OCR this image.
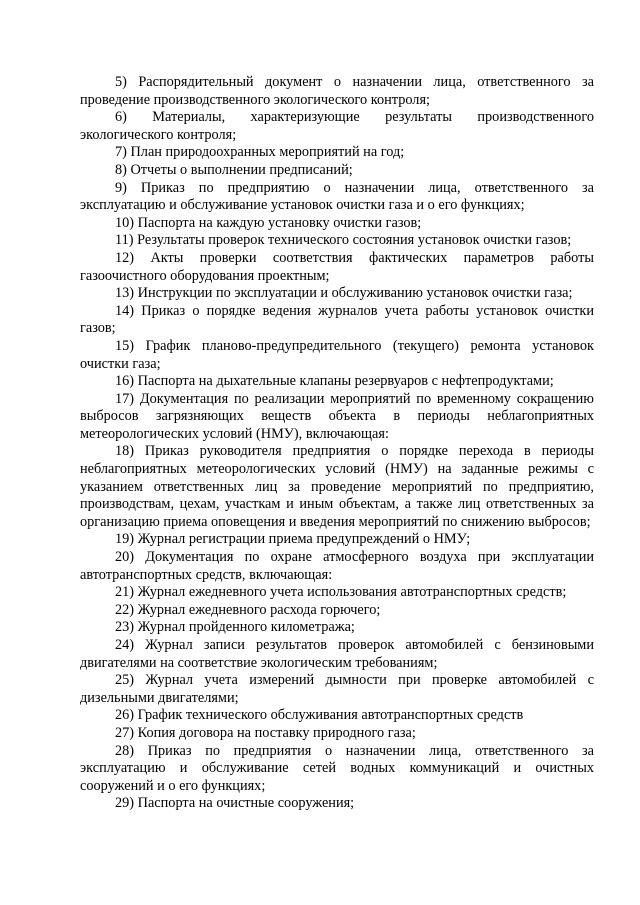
5) Распорядительный документ о назначении лица, ответственного за проведение производственного экологического контроля;

6) Материалы, характеризующие результаты производственного экологического контроля;

7) План природоохранных мероприятий на год;

8) Отчеты о выполнении предписаний;

9) Приказ по предприятию о назначении лица, ответственного за эксплуатацию и обслуживание установок очистки газа и о его функциях;

10) Паспорта на каждую установку очистки газов;

11) Результаты проверок технического состояния установок очистки газов;

12) Акты проверки соответствия фактических параметров работы газоочистного оборудования проектным;

13) Инструкции по эксплуатации и обслуживанию установок очистки газа;

14) Приказ о порядке ведения журналов учета работы установок очистки газов;

15) График планово-предупредительного (текущего) ремонта установок очистки газа;

16) Паспорта на дыхательные клапаны резервуаров с нефтепродуктами;

17) Документация по реализации мероприятий по временному сокращению выбросов загрязняющих веществ объекта в периоды неблагоприятных метеорологических условий (НМУ), включающая:

18) Приказ руководителя предприятия о порядке перехода в периоды неблагоприятных метеорологических условий (НМУ) на заданные режимы с указанием ответственных лиц за проведение мероприятий по предприятию, производствам, цехам, участкам и иным объектам, а также лиц ответственных за организацию приема оповещения и введения мероприятий по снижению выбросов;

19) Журнал регистрации приема предупреждений о НМУ;

20) Документация по охране атмосферного воздуха при эксплуатации автотранспортных средств, включающая:

21) Журнал ежедневного учета использования автотранспортных средств;

22) Журнал ежедневного расхода горючего;

23) Журнал пройденного километража;

24) Журнал записи результатов проверок автомобилей с бензиновыми двигателями на соответствие экологическим требованиям;

25) Журнал учета измерений дымности при проверке автомобилей с дизельными двигателями;

26) График технического обслуживания автотранспортных средств

27) Копия договора на поставку природного газа;

28) Приказ по предприятия о назначении лица, ответственного за эксплуатацию и обслуживание сетей водных коммуникаций и очистных сооружений и о его функциях;

29) Паспорта на очистные сооружения;
